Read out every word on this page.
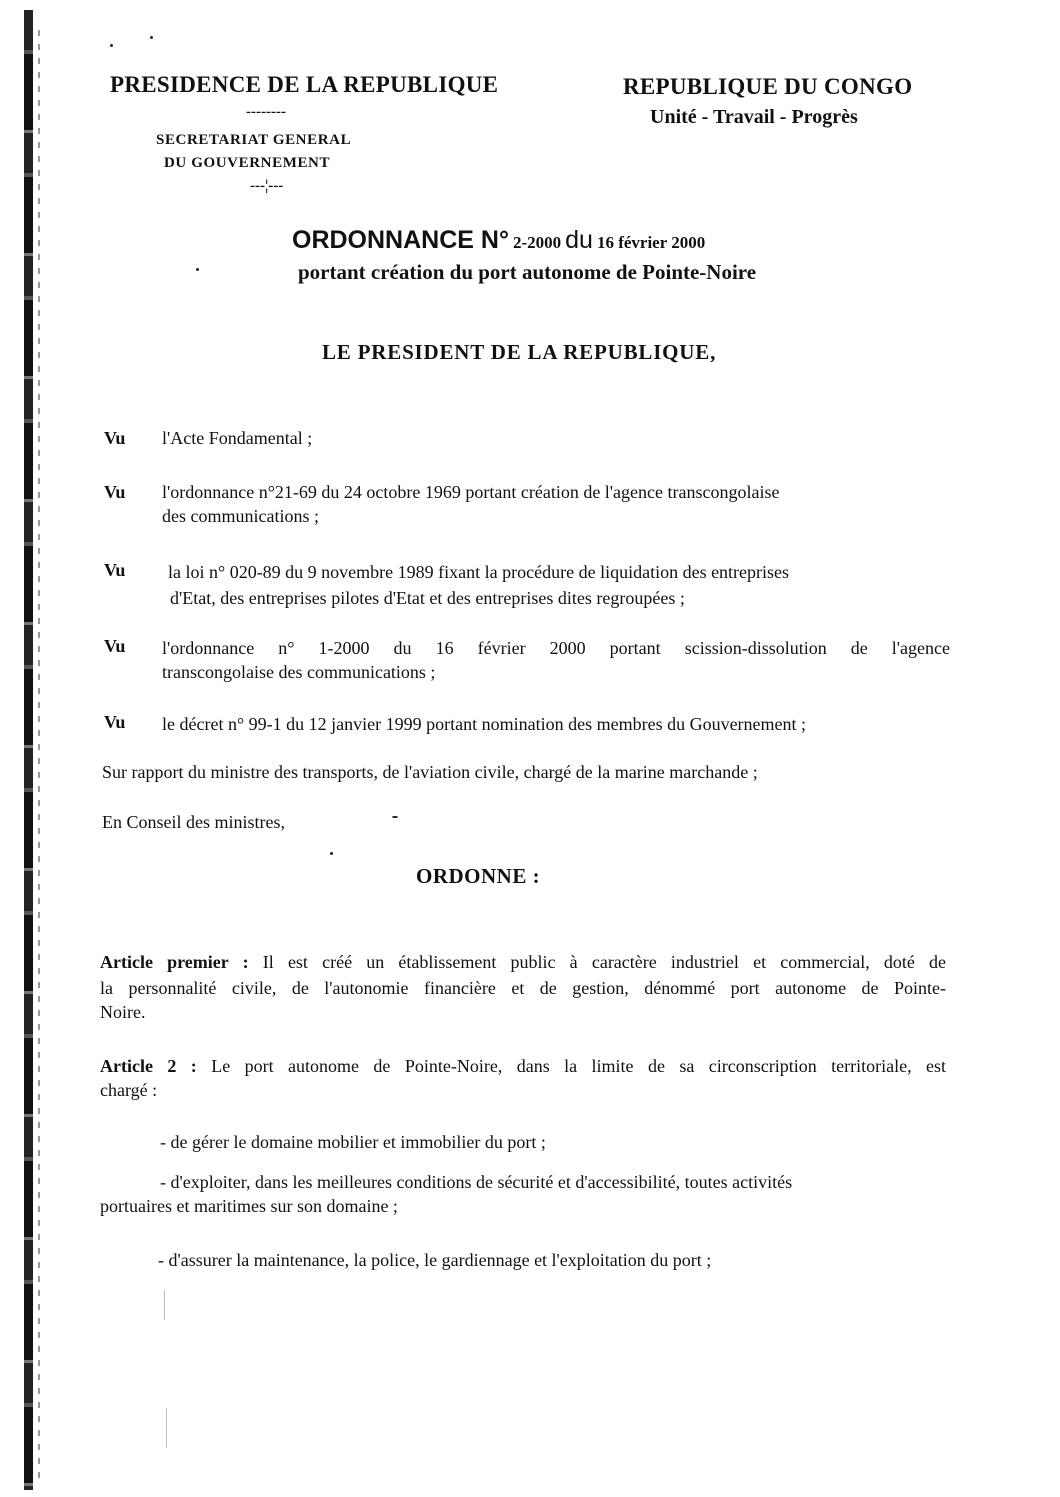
PRESIDENCE DE LA REPUBLIQUE
--------
SECRETARIAT GENERAL
DU GOUVERNEMENT
---¦---
REPUBLIQUE DU CONGO
Unité - Travail - Progrès
ORDONNANCE N° 2-2000 du 16 février 2000
portant création du port autonome de Pointe-Noire
LE PRESIDENT DE LA REPUBLIQUE,
Vu l'Acte Fondamental ;
Vu l'ordonnance n°21-69 du 24 octobre 1969 portant création de l'agence transcongolaise
des communications ;
Vu la loi n° 020-89 du 9 novembre 1989 fixant la procédure de liquidation des entreprises
d'Etat, des entreprises pilotes d'Etat et des entreprises dites regroupées ;
Vu l'ordonnance n° 1-2000 du 16 février 2000 portant scission-dissolution de l'agence
transcongolaise des communications ;
Vu le décret n° 99-1 du 12 janvier 1999 portant nomination des membres du Gouvernement ;
Sur rapport du ministre des transports, de l'aviation civile, chargé de la marine marchande ;
En Conseil des ministres,
ORDONNE :
Article premier : Il est créé un établissement public à caractère industriel et commercial, doté de
la personnalité civile, de l'autonomie financière et de gestion, dénommé port autonome de Pointe-
Noire.
Article 2 : Le port autonome de Pointe-Noire, dans la limite de sa circonscription territoriale, est
chargé :
- de gérer le domaine mobilier et immobilier du port ;
- d'exploiter, dans les meilleures conditions de sécurité et d'accessibilité, toutes activités
portuaires et maritimes sur son domaine ;
- d'assurer la maintenance, la police, le gardiennage et l'exploitation du port ;
